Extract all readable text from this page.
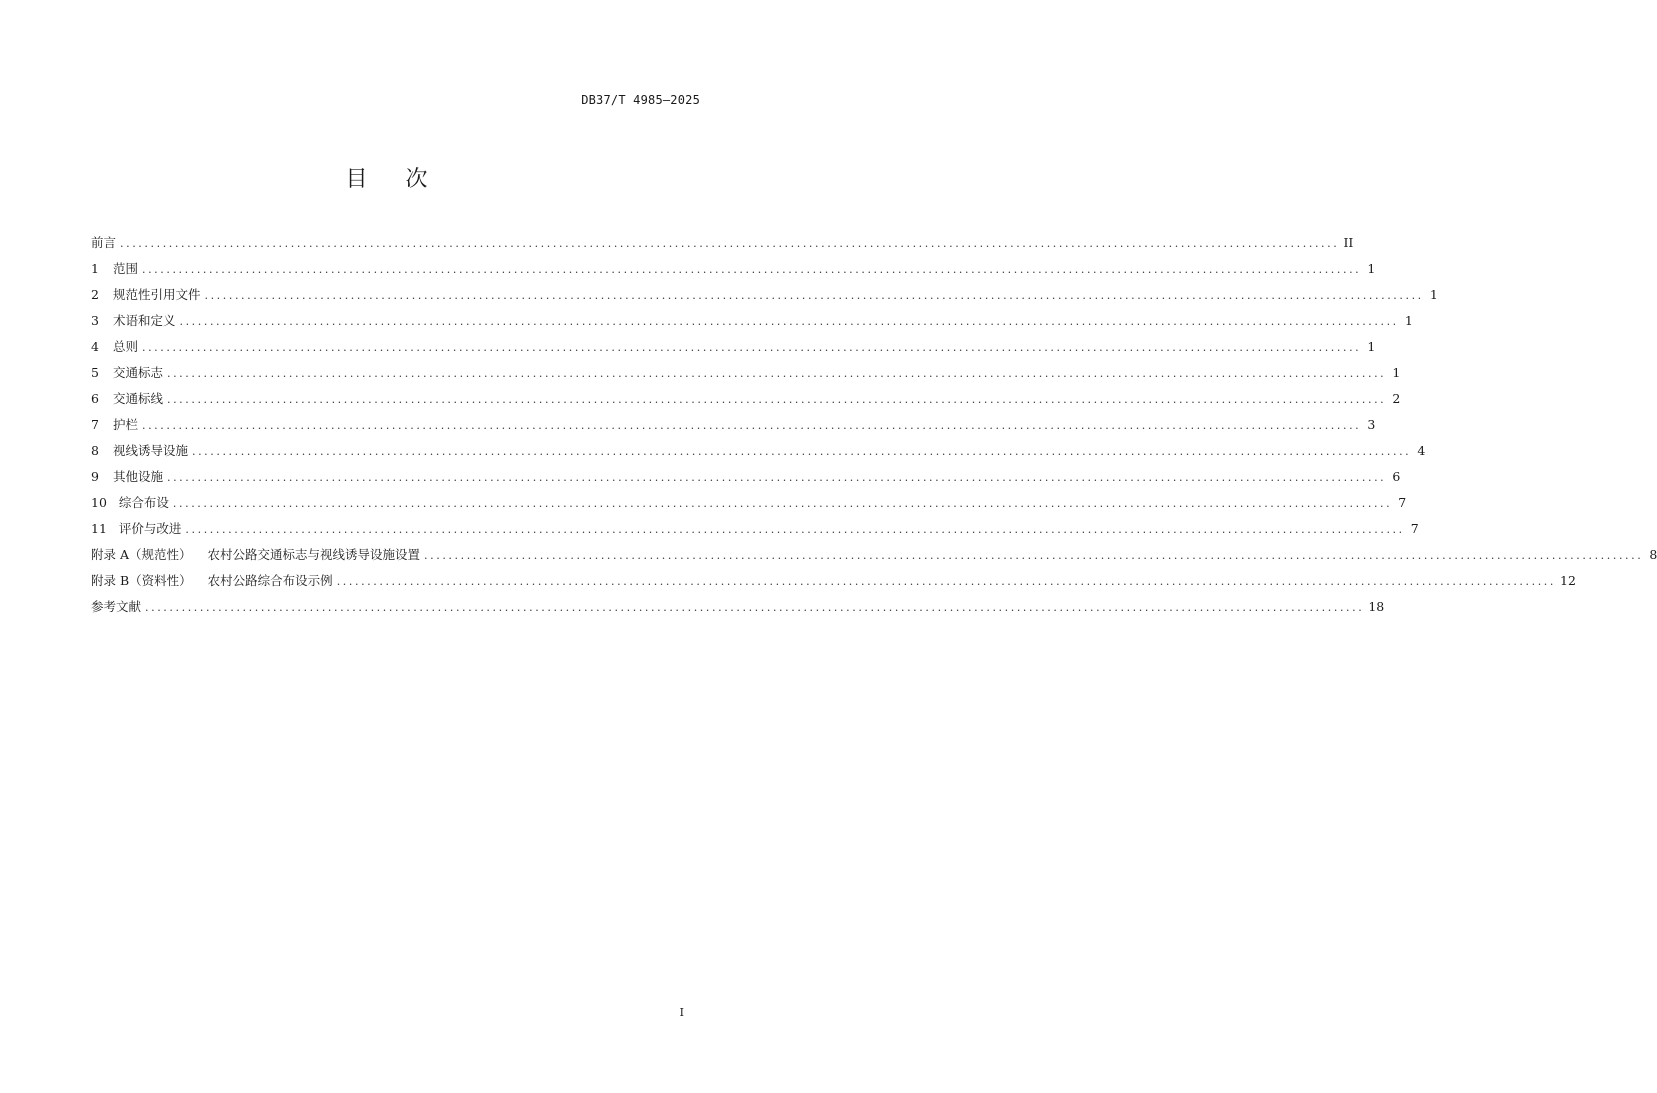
DB37/T 4985—2025
目 次
前言 ........................................................................................................................................................................................................ II
1 范围 ........................................................................................................................................................................................................ 1
2 规范性引用文件 ........................................................................................................................................................................................................ 1
3 术语和定义 ........................................................................................................................................................................................................ 1
4 总则 ........................................................................................................................................................................................................ 1
5 交通标志 ........................................................................................................................................................................................................ 1
6 交通标线 ........................................................................................................................................................................................................ 2
7 护栏 ........................................................................................................................................................................................................ 3
8 视线诱导设施 ........................................................................................................................................................................................................ 4
9 其他设施 ........................................................................................................................................................................................................ 6
10 综合布设 ........................................................................................................................................................................................................ 7
11 评价与改进 ........................................................................................................................................................................................................ 7
附录 A（规范性） 农村公路交通标志与视线诱导设施设置 ........................................................................................................................................................................................................ 8
附录 B（资料性） 农村公路综合布设示例 ........................................................................................................................................................................................................ 12
参考文献 ........................................................................................................................................................................................................ 18
I
